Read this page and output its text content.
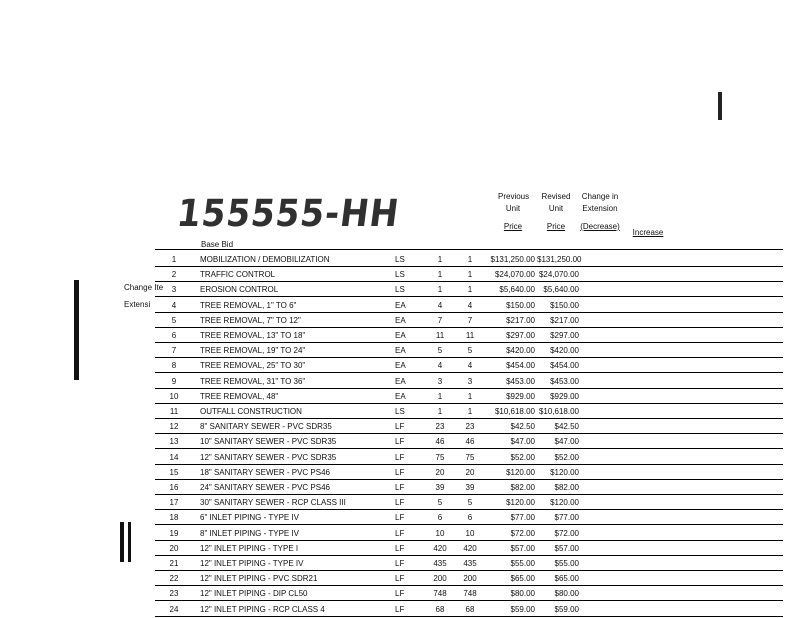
Change Ite
Extensi
155555-HH	Previous
Unit
Price
Revised
Unit
Price
Change in
Extension
(Decrease)
Increase
Base Bid
1	MOBILIZATION / DEMOBILIZATION	LS	1	1	$131,250.00 $131,250.00
2	TRAFFIC CONTROL	LS	1	1	$24,070.00 $24,070.00
3	EROSION CONTROL	LS	1	1	$5,640.00	$5,640.00
4	TREE REMOVAL, 1" TO 6"	EA	4	4	$150.00	$150.00
5	TREE REMOVAL, 7" TO 12"	EA	7	7	$217.00	$217.00
6	TREE REMOVAL, 13" TO 18"	EA	11	11	$297.00	$297.00
7	TREE REMOVAL, 19" TO 24"	EA	5	5	$420.00	$420.00
8	TREE REMOVAL, 25" TO 30"	EA	4	4	$454.00	$454.00
9	TREE REMOVAL, 31" TO 36"	EA	3	3	$453.00	$453.00
10	TREE REMOVAL, 48"	EA	1	1	$929.00	$929.00
11	OUTFALL CONSTRUCTION	LS	1	1	$10,618.00 $10,618.00
12	8" SANITARY SEWER - PVC SDR35	LF	23	23	$42.50	$42.50
13	10" SANITARY SEWER - PVC SDR35	LF	46	46	$47.00	$47.00
14	12" SANITARY SEWER - PVC SDR35	LF	75	75	$52.00	$52.00
15	18" SANITARY SEWER - PVC PS46	LF	20	20	$120.00	$120.00
16	24" SANITARY SEWER - PVC PS46	LF	39	39	$82.00	$82.00
17	30" SANITARY SEWER - RCP CLASS III	LF	5	5	$120.00	$120.00
18	6" INLET PIPING - TYPE IV	LF	6	6	$77.00	$77.00
19	8" INLET PIPING - TYPE IV	LF	10	10	$72.00	$72.00
20	12" INLET PIPING - TYPE I	LF	420	420	$57.00	$57.00
21	12" INLET PIPING - TYPE IV	LF	435	435	$55.00	$55.00
22	12" INLET PIPING - PVC SDR21	LF	200	200	$65.00	$65.00
23	12" INLET PIPING - DIP CL50	LF	748	748	$80.00	$80.00
24	12" INLET PIPING - RCP CLASS 4	LF	68	68	$59.00	$59.00
